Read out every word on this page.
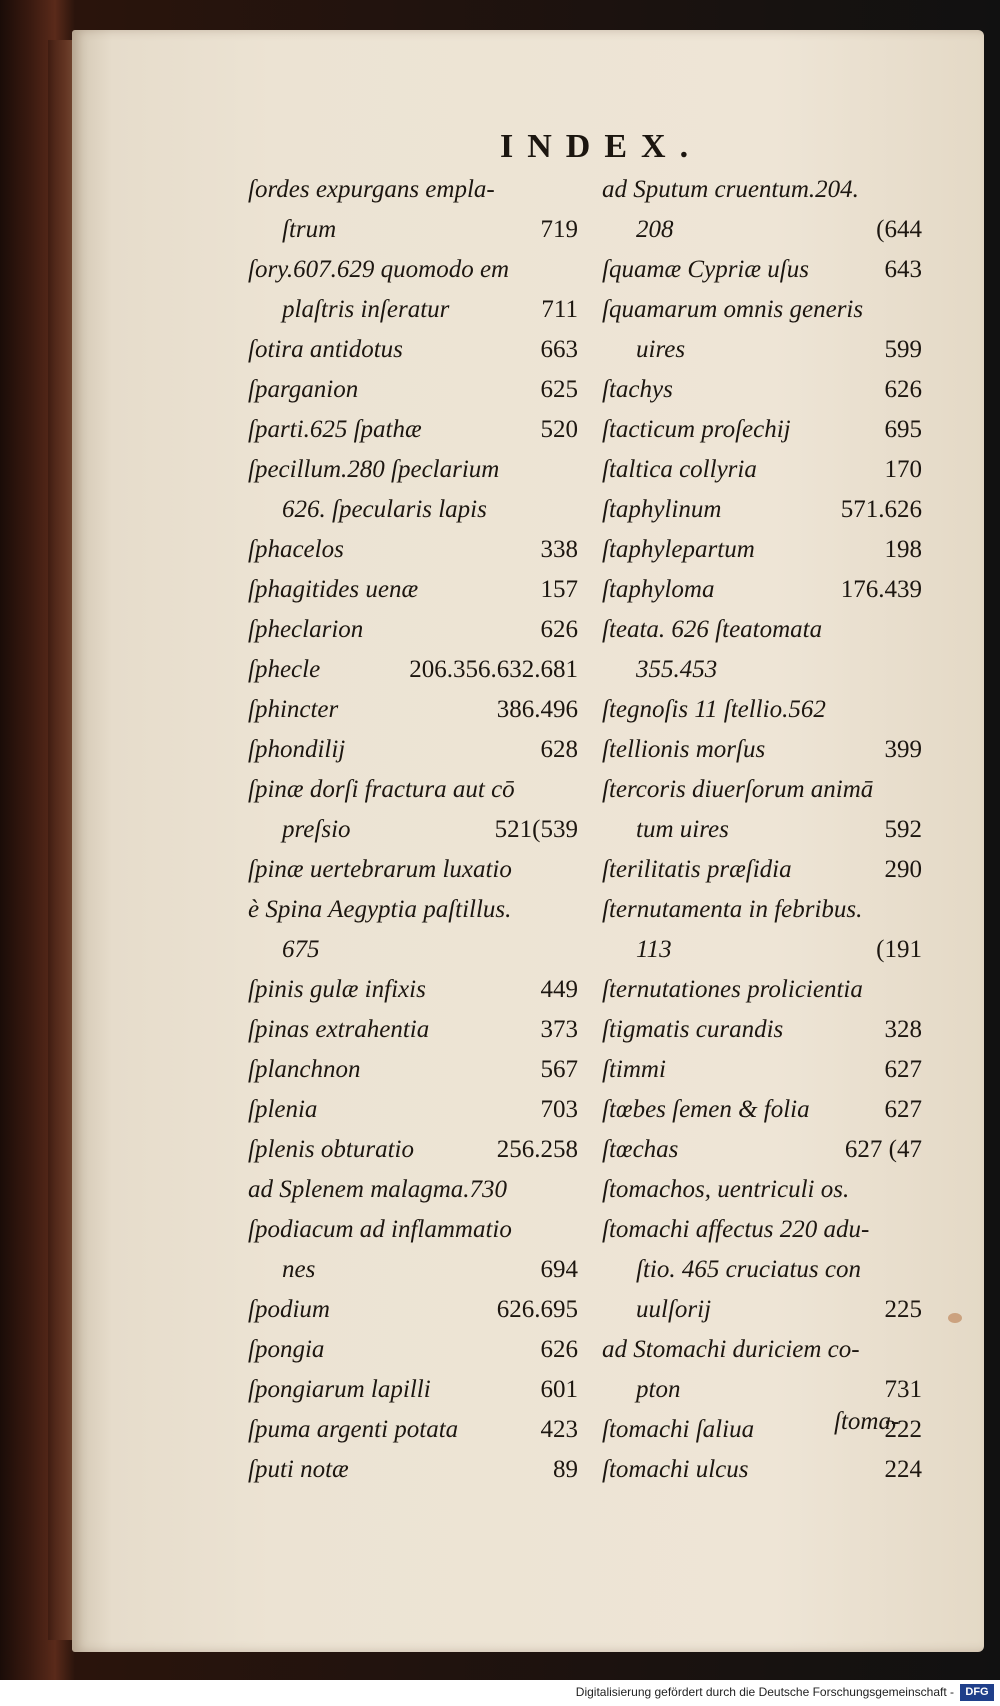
INDEX.
ſordes expurgans empla-
ſtrum	719
ſory.607.629 quomodo em
plaſtris inſeratur	711
ſotira antidotus	663
ſparganion	625
ſparti.625 ſpathæ	520
ſpecillum.280 ſpeclarium
626. ſpecularis lapis
ſphacelos	338
ſphagitides uenæ	157
ſpheclarion	626
ſphecle	206.356.632.681
ſphincter	386.496
ſphondilij	628
ſpinæ dorſi fractura aut cō
preſsio	521(539
ſpinæ uertebrarum luxatio
è Spina Aegyptia paſtillus.
675
ſpinis gulæ infixis	449
ſpinas extrahentia	373
ſplanchnon	567
ſplenia	703
ſplenis obturatio	256.258
ad Splenem malagma.730
ſpodiacum ad inflammatio
nes	694
ſpodium	626.695
ſpongia	626
ſpongiarum lapilli	601
ſpuma argenti potata	423
ſputi notæ	89
ad Sputum cruentum.204.
208	(644
ſquamæ Cypriæ uſus	643
ſquamarum omnis generis
uires	599
ſtachys	626
ſtacticum proſechij	695
ſtaltica collyria	170
ſtaphylinum	571.626
ſtaphylepartum	198
ſtaphyloma	176.439
ſteata. 626 ſteatomata
355.453
ſtegnoſis 11 ſtellio.562
ſtellionis morſus	399
ſtercoris diuerſorum animā
tum uires	592
ſterilitatis præſidia	290
ſternutamenta in febribus.
113	(191
ſternutationes prolicientia
ſtigmatis curandis	328
ſtimmi	627
ſtœbes ſemen & folia	627
ſtœchas	627 (47
ſtomachos, uentriculi os.
ſtomachi affectus 220 adu-
ſtio. 465 cruciatus con
uulſorij	225
ad Stomachi duriciem co-
pton	731
ſtomachi ſaliua	222
ſtomachi ulcus	224
ſtoma-
Digitalisierung gefördert durch die Deutsche Forschungsgemeinschaft -	DFG
